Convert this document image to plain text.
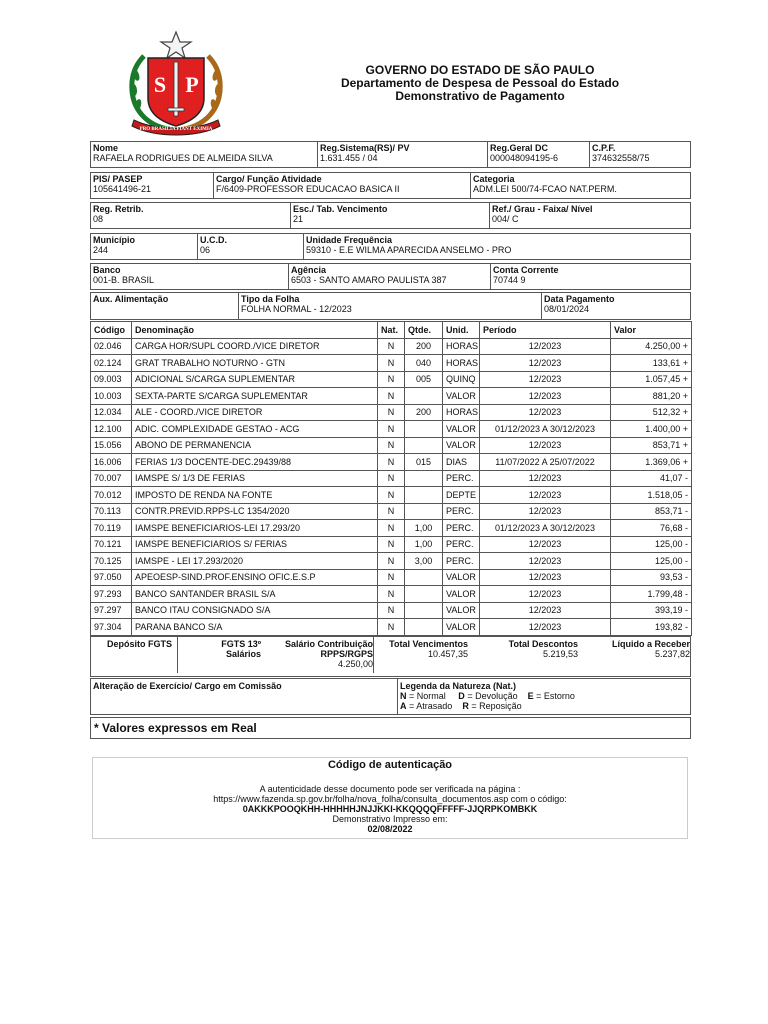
S P
PRO BRASILIA FIANT EXIMIA
GOVERNO DO ESTADO DE SÃO PAULO
Departamento de Despesa de Pessoal do Estado
Demonstrativo de Pagamento
Nome
RAFAELA RODRIGUES DE ALMEIDA SILVA
Reg.Sistema(RS)/ PV
1.631.455 / 04
Reg.Geral DC
000048094195-6
C.P.F.
374632558/75
PIS/ PASEP
105641496-21
Cargo/ Função Atividade
F/6409-PROFESSOR EDUCACAO BASICA II
Categoria
ADM.LEI 500/74-FCAO NAT.PERM.
Reg. Retrib.
08
Esc./ Tab. Vencimento
21
Ref./ Grau - Faixa/ Nível
004/ C
Município
244
U.C.D.
06
Unidade Frequência
59310 - E.E WILMA APARECIDA ANSELMO - PRO
Banco
001-B. BRASIL
Agência
6503 - SANTO AMARO PAULISTA 387
Conta Corrente
70744 9
Aux. Alimentação	Tipo da Folha
FOLHA NORMAL - 12/2023
Data Pagamento
08/01/2024
Código	Denominação	Nat.	Qtde.	Unid.	Período	Valor
02.046	CARGA HOR/SUPL COORD./VICE DIRETOR	N	200	HORAS	12/2023	4.250,00 +
02.124	GRAT TRABALHO NOTURNO - GTN	N	040	HORAS	12/2023	133,61 +
09.003	ADICIONAL S/CARGA SUPLEMENTAR	N	005	QUINQ	12/2023	1.057,45 +
10.003	SEXTA-PARTE S/CARGA SUPLEMENTAR	N		VALOR	12/2023	881,20 +
12.034	ALE - COORD./VICE DIRETOR	N	200	HORAS	12/2023	512,32 +
12.100	ADIC. COMPLEXIDADE GESTAO - ACG	N		VALOR	01/12/2023 A 30/12/2023	1.400,00 +
15.056	ABONO DE PERMANENCIA	N		VALOR	12/2023	853,71 +
16.006	FERIAS 1/3 DOCENTE-DEC.29439/88	N	015	DIAS	11/07/2022 A 25/07/2022	1.369,06 +
70.007	IAMSPE S/ 1/3 DE FERIAS	N		PERC.	12/2023	41,07 -
70.012	IMPOSTO DE RENDA NA FONTE	N		DEPTE	12/2023	1.518,05 -
70.113	CONTR.PREVID.RPPS-LC 1354/2020	N		PERC.	12/2023	853,71 -
70.119	IAMSPE BENEFICIARIOS-LEI 17.293/20	N	1,00	PERC.	01/12/2023 A 30/12/2023	76,68 -
70.121	IAMSPE BENEFICIARIOS S/ FERIAS	N	1,00	PERC.	12/2023	125,00 -
70.125	IAMSPE - LEI 17.293/2020	N	3,00	PERC.	12/2023	125,00 -
97.050	APEOESP-SIND.PROF.ENSINO OFIC.E.S.P	N		VALOR	12/2023	93,53 -
97.293	BANCO SANTANDER BRASIL S/A	N		VALOR	12/2023	1.799,48 -
97.297	BANCO ITAU CONSIGNADO S/A	N		VALOR	12/2023	393,19 -
97.304	PARANA BANCO S/A	N		VALOR	12/2023	193,82 -
Depósito FGTS	FGTS 13º
Salários
Salário Contribuição
RPPS/RGPS
4.250,00
Total Vencimentos
10.457,35
Total Descontos
5.219,53
Líquido a Receber
5.237,82
Alteração de Exercício/ Cargo em Comissão	Legenda da Natureza (Nat.)
N = Normal D = Devolução E = Estorno
A = Atrasado R = Reposição
* Valores expressos em Real
Código de autenticação
A autenticidade desse documento pode ser verificada na página :
https://www.fazenda.sp.gov.br/folha/nova_folha/consulta_documentos.asp com o código:
0AKKKPOOQKHH-HHHHHJNJJKKI-KKQQQQFFFFF-JJQRPKOMBKK
Demonstrativo Impresso em:
02/08/2022
